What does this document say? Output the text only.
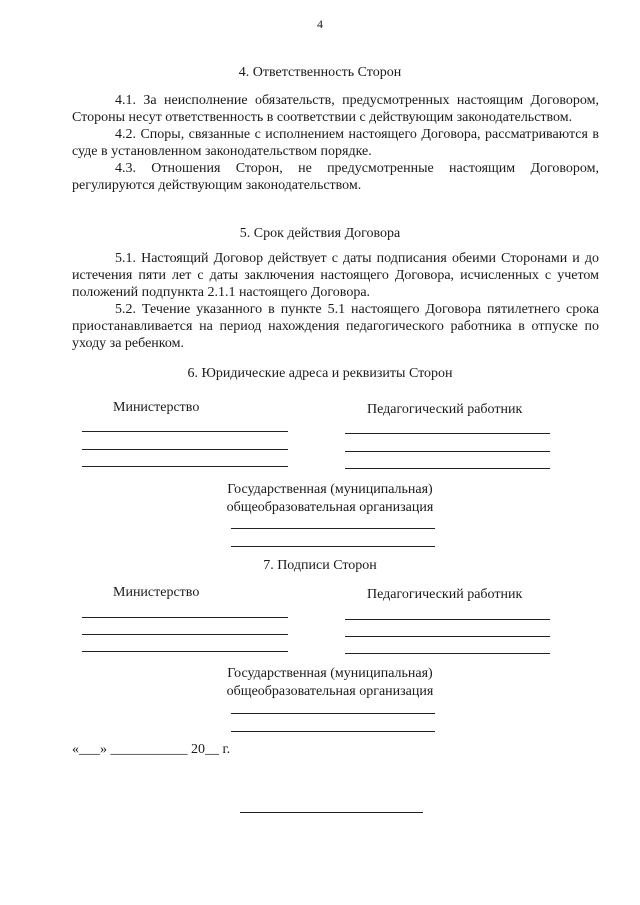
4
4. Ответственность Сторон

4.1. За неисполнение обязательств, предусмотренных настоящим Договором, Стороны несут ответственность в соответствии с действующим законодательством.

4.2. Споры, связанные с исполнением настоящего Договора, рассматриваются в суде в установленном законодательством порядке.

4.3. Отношения Сторон, не предусмотренные настоящим Договором, регулируются действующим законодательством.

5. Срок действия Договора

5.1. Настоящий Договор действует с даты подписания обеими Сторонами и до истечения пяти лет с даты заключения настоящего Договора, исчисленных с учетом положений подпункта 2.1.1 настоящего Договора.

5.2. Течение указанного в пункте 5.1 настоящего Договора пятилетнего срока приостанавливается на период нахождения педагогического работника в отпуске по уходу за ребенком.

6. Юридические адреса и реквизиты Сторон
Министерство	Педагогический работник
Государственная (муниципальная)
общеобразовательная организация
7. Подписи Сторон
Министерство	Педагогический работник
Государственная (муниципальная)
общеобразовательная организация
«___» ___________ 20__ г.
